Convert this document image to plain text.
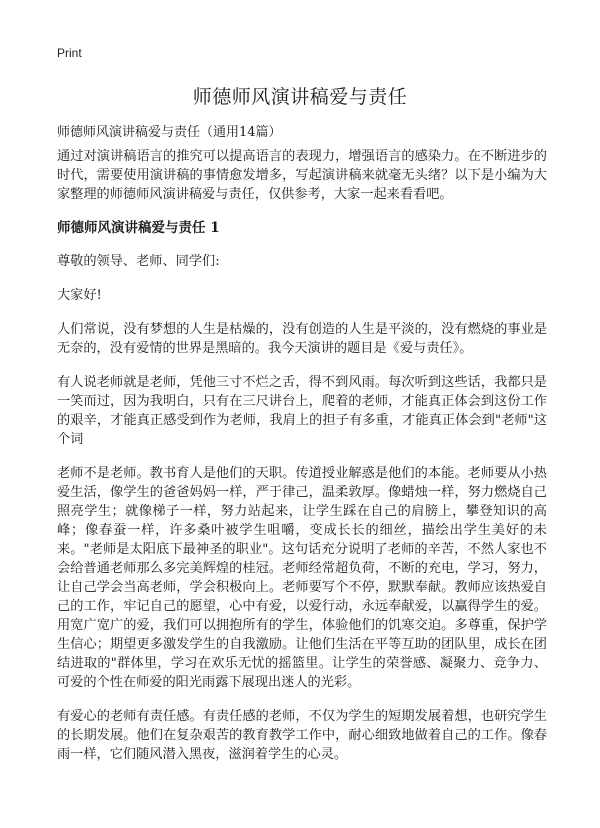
Print
师德师风演讲稿爱与责任
师德师风演讲稿爱与责任（通用14篇）

通过对演讲稿语言的推究可以提高语言的表现力，增强语言的感染力。在不断进步的时代，需要使用演讲稿的事情愈发增多，写起演讲稿来就毫无头绪？以下是小编为大家整理的师德师风演讲稿爱与责任，仅供参考，大家一起来看看吧。

师德师风演讲稿爱与责任 1

尊敬的领导、老师、同学们:

大家好!

人们常说，没有梦想的人生是枯燥的，没有创造的人生是平淡的，没有燃烧的事业是无奈的，没有爱情的世界是黑暗的。我今天演讲的题目是《爱与责任》。

有人说老师就是老师，凭他三寸不烂之舌，得不到风雨。每次听到这些话，我都只是一笑而过，因为我明白，只有在三尺讲台上，爬着的老师，才能真正体会到这份工作的艰辛，才能真正感受到作为老师，我肩上的担子有多重，才能真正体会到"老师"这个词

老师不是老师。教书育人是他们的天职。传道授业解惑是他们的本能。老师要从小热爱生活，像学生的爸爸妈妈一样，严于律己，温柔敦厚。像蜡烛一样，努力燃烧自己照亮学生；就像梯子一样，努力站起来，让学生踩在自己的肩膀上，攀登知识的高峰；像春蚕一样，许多桑叶被学生咀嚼，变成长长的细丝，描绘出学生美好的未来。"老师是太阳底下最神圣的职业"。这句话充分说明了老师的辛苦，不然人家也不会给普通老师那么多完美辉煌的桂冠。老师经常超负荷，不断的充电，学习，努力，让自己学会当高老师，学会积极向上。老师要写个不停，默默奉献。教师应该热爱自己的工作，牢记自己的愿望，心中有爱，以爱行动，永远奉献爱，以赢得学生的爱。用宽广宽广的爱，我们可以拥抱所有的学生，体验他们的饥寒交迫。多尊重，保护学生信心；期望更多激发学生的自我激励。让他们生活在平等互助的团队里，成长在团结进取的"群体里，学习在欢乐无忧的摇篮里。让学生的荣誉感、凝聚力、竞争力、可爱的个性在师爱的阳光雨露下展现出迷人的光彩。

有爱心的老师有责任感。有责任感的老师，不仅为学生的短期发展着想，也研究学生的长期发展。他们在复杂艰苦的教育教学工作中，耐心细致地做着自己的工作。像春雨一样，它们随风潜入黑夜，滋润着学生的心灵。
